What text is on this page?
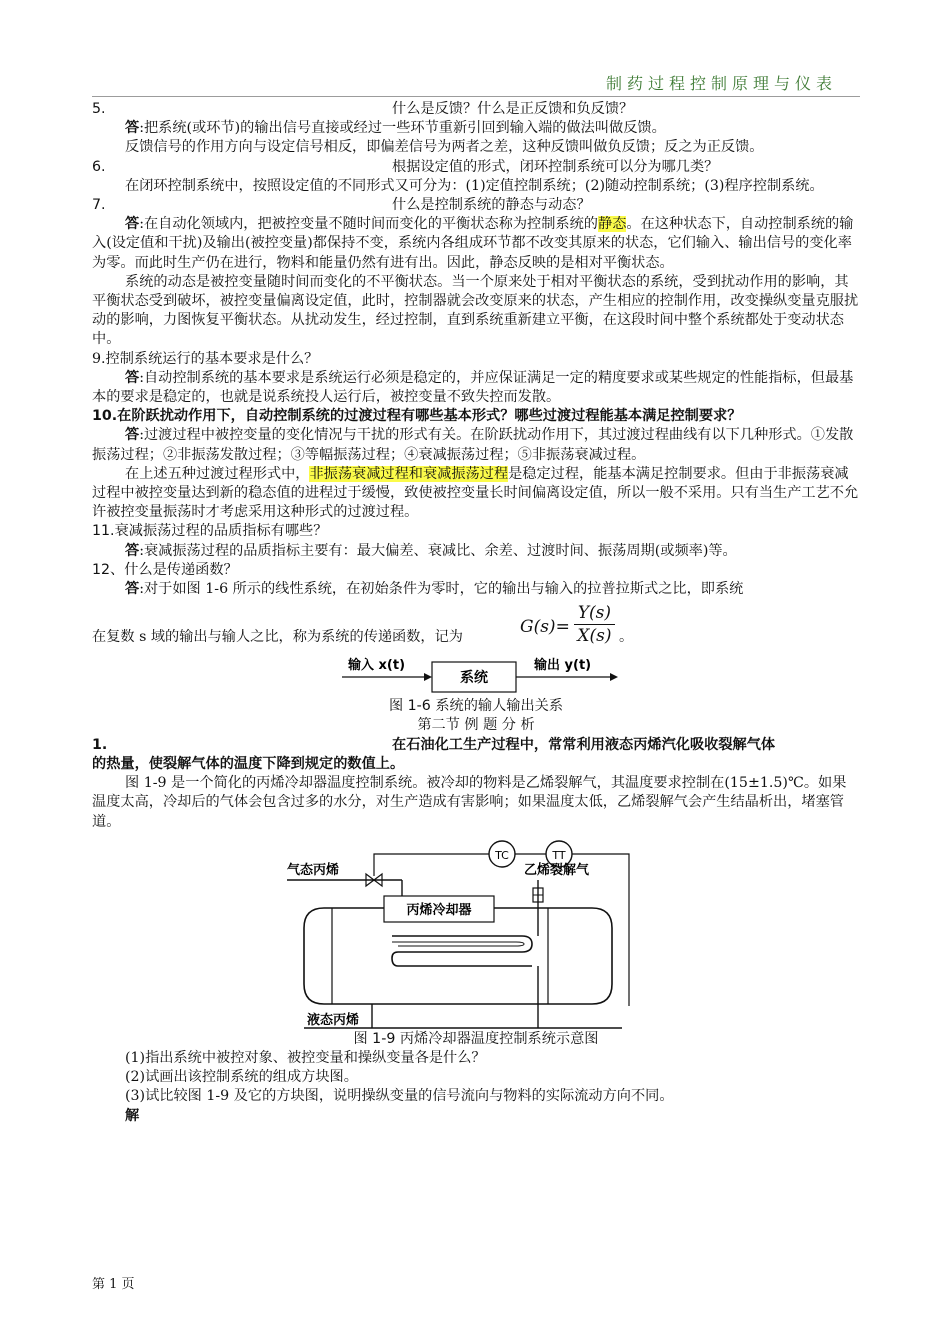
制药过程控制原理与仪表
5.	什么是反馈？什么是正反馈和负反馈？

答:把系统(或环节)的输出信号直接或经过一些环节重新引回到输入端的做法叫做反馈。

反馈信号的作用方向与设定信号相反，即偏差信号为两者之差，这种反馈叫做负反馈；反之为正反馈。

6.	根据设定值的形式，闭环控制系统可以分为哪几类？

在闭环控制系统中，按照设定值的不同形式又可分为：(1)定值控制系统；(2)随动控制系统；(3)程序控制系统。

7.	什么是控制系统的静态与动态？

答:在自动化领域内，把被控变量不随时间而变化的平衡状态称为控制系统的静态。在这种状态下，自动控制系统的输入(设定值和干扰)及输出(被控变量)都保持不变，系统内各组成环节都不改变其原来的状态，它们输入、输出信号的变化率为零。而此时生产仍在进行，物料和能量仍然有进有出。因此，静态反映的是相对平衡状态。

系统的动态是被控变量随时间而变化的不平衡状态。当一个原来处于相对平衡状态的系统，受到扰动作用的影响，其平衡状态受到破坏，被控变量偏离设定值，此时，控制器就会改变原来的状态，产生相应的控制作用，改变操纵变量克服扰动的影响，力图恢复平衡状态。从扰动发生，经过控制，直到系统重新建立平衡，在这段时间中整个系统都处于变动状态中。

9.控制系统运行的基本要求是什么？

答:自动控制系统的基本要求是系统运行必须是稳定的，并应保证满足一定的精度要求或某些规定的性能指标，但最基本的要求是稳定的，也就是说系统投人运行后，被控变量不致失控而发散。

10.在阶跃扰动作用下，自动控制系统的过渡过程有哪些基本形式？哪些过渡过程能基本满足控制要求？

答:过渡过程中被控变量的变化情况与干扰的形式有关。在阶跃扰动作用下，其过渡过程曲线有以下几种形式。①发散振荡过程；②非振荡发散过程；③等幅振荡过程；④衰减振荡过程；⑤非振荡衰减过程。

在上述五种过渡过程形式中，非振荡衰减过程和衰减振荡过程是稳定过程，能基本满足控制要求。但由于非振荡衰减过程中被控变量达到新的稳态值的进程过于缓慢，致使被控变量长时间偏离设定值，所以一般不采用。只有当生产工艺不允许被控变量振荡时才考虑采用这种形式的过渡过程。

11.衰减振荡过程的品质指标有哪些？

答:衰减振荡过程的品质指标主要有：最大偏差、衰减比、余差、过渡时间、振荡周期(或频率)等。

12、什么是传递函数？

答:对于如图 1-6 所示的线性系统，在初始条件为零时，它的输出与输入的拉普拉斯式之比，即系统

在复数 s 域的输出与输人之比，称为系统的传递函数，记为	$G(s)= \frac{Y(s)}{X(s)}$ 。
系统
输入 x(t)	输出 y(t)

图 1-6 系统的输人输出关系

第二节 例 题 分 析

1.	在石油化工生产过程中，常常利用液态丙烯汽化吸收裂解气体

的热量，使裂解气体的温度下降到规定的数值上。

图 1-9 是一个简化的丙烯冷却器温度控制系统。被冷却的物料是乙烯裂解气，其温度要求控制在(15±1.5)℃。如果温度太高，冷却后的气体会包含过多的水分，对生产造成有害影响；如果温度太低，乙烯裂解气会产生结晶析出，堵塞管道。

TC	TT
气态丙烯
丙烯冷却器
乙烯裂解气
液态丙烯

图 1-9 丙烯冷却器温度控制系统示意图

(1)指出系统中被控对象、被控变量和操纵变量各是什么？

(2)试画出该控制系统的组成方块图。

(3)试比较图 1-9 及它的方块图，说明操纵变量的信号流向与物料的实际流动方向不同。

解

第 1 页
